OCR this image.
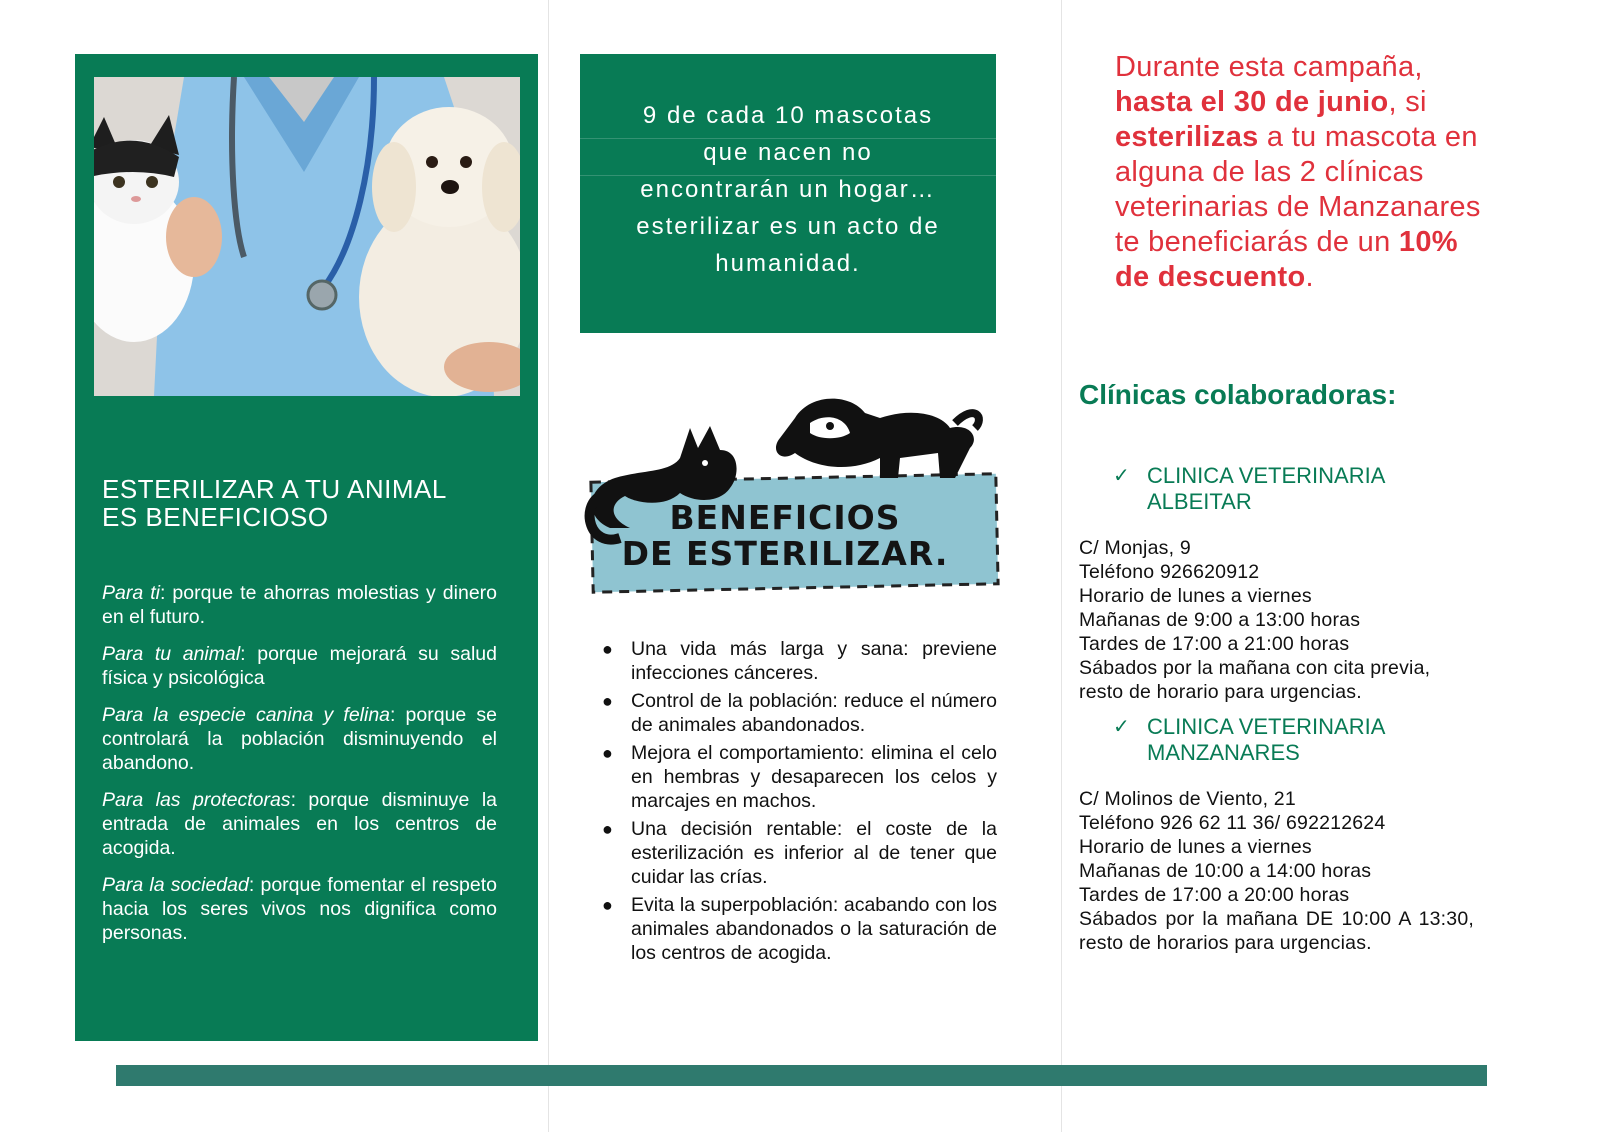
ESTERILIZAR A TU ANIMAL
ES BENEFICIOSO

Para ti: porque te ahorras molestias y dinero en el futuro.

Para tu animal: porque mejorará su salud física y psicológica

Para la especie canina y felina: porque se controlará la población disminuyendo el abandono.

Para las protectoras: porque disminuye la entrada de animales en los centros de acogida.

Para la sociedad: porque fomentar el respeto hacia los seres vivos nos dignifica como personas.

9 de cada 10 mascotas
que nacen no
encontrarán un hogar…
esterilizar es un acto de
humanidad.
BENEFICIOS
DE ESTERILIZAR.
● Una vida más larga y sana: previene infecciones cánceres.
● Control de la población: reduce el número de animales abandonados.
● Mejora el comportamiento: elimina el celo en hembras y desaparecen los celos y marcajes en machos.
● Una decisión rentable: el coste de la esterilización es inferior al de tener que cuidar las crías.
● Evita la superpoblación: acabando con los animales abandonados o la saturación de los centros de acogida.
Durante esta campaña, hasta el 30 de junio, si esterilizas a tu mascota en alguna de las 2 clínicas veterinarias de Manzanares te beneficiarás de un 10% de descuento.
Clínicas colaboradoras:
✓ CLINICA VETERINARIA
ALBEITAR
C/ Monjas, 9
Teléfono 926620912
Horario de lunes a viernes
Mañanas de 9:00 a 13:00 horas
Tardes de 17:00 a 21:00 horas
Sábados por la mañana con cita previa,
resto de horario para urgencias.
✓ CLINICA VETERINARIA
MANZANARES
C/ Molinos de Viento, 21
Teléfono 926 62 11 36/ 692212624
Horario de lunes a viernes
Mañanas de 10:00 a 14:00 horas
Tardes de 17:00 a 20:00 horas
Sábados por la mañana DE 10:00 A 13:30, resto de horarios para urgencias.
